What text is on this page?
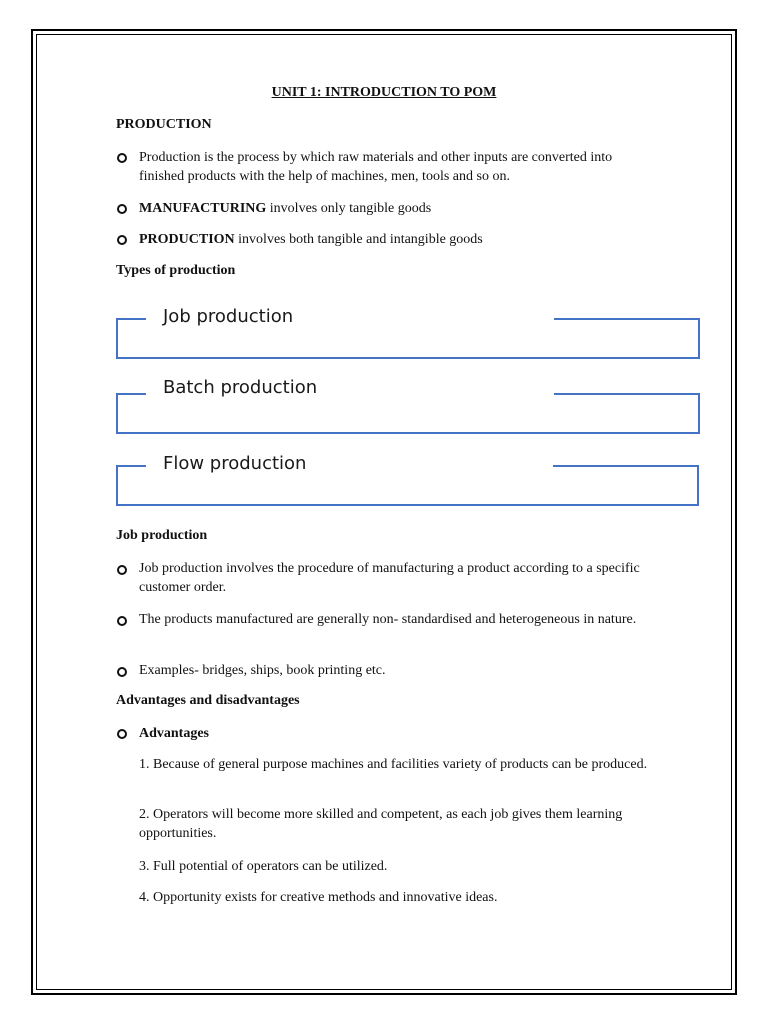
UNIT 1: INTRODUCTION TO POM
PRODUCTION
Production is the process by which raw materials and other inputs are converted into finished products with the help of machines, men, tools and so on.
MANUFACTURING involves only tangible goods
PRODUCTION involves both tangible and intangible goods
Types of production
Job production
Batch production
Flow production
Job production
Job production involves the procedure of manufacturing a product according to a specific customer order.
The products manufactured are generally non- standardised and heterogeneous in nature.
Examples- bridges, ships, book printing etc.
Advantages and disadvantages
Advantages
1. Because of general purpose machines and facilities variety of products can be produced.
2. Operators will become more skilled and competent, as each job gives them learning opportunities.
3. Full potential of operators can be utilized.
4. Opportunity exists for creative methods and innovative ideas.
